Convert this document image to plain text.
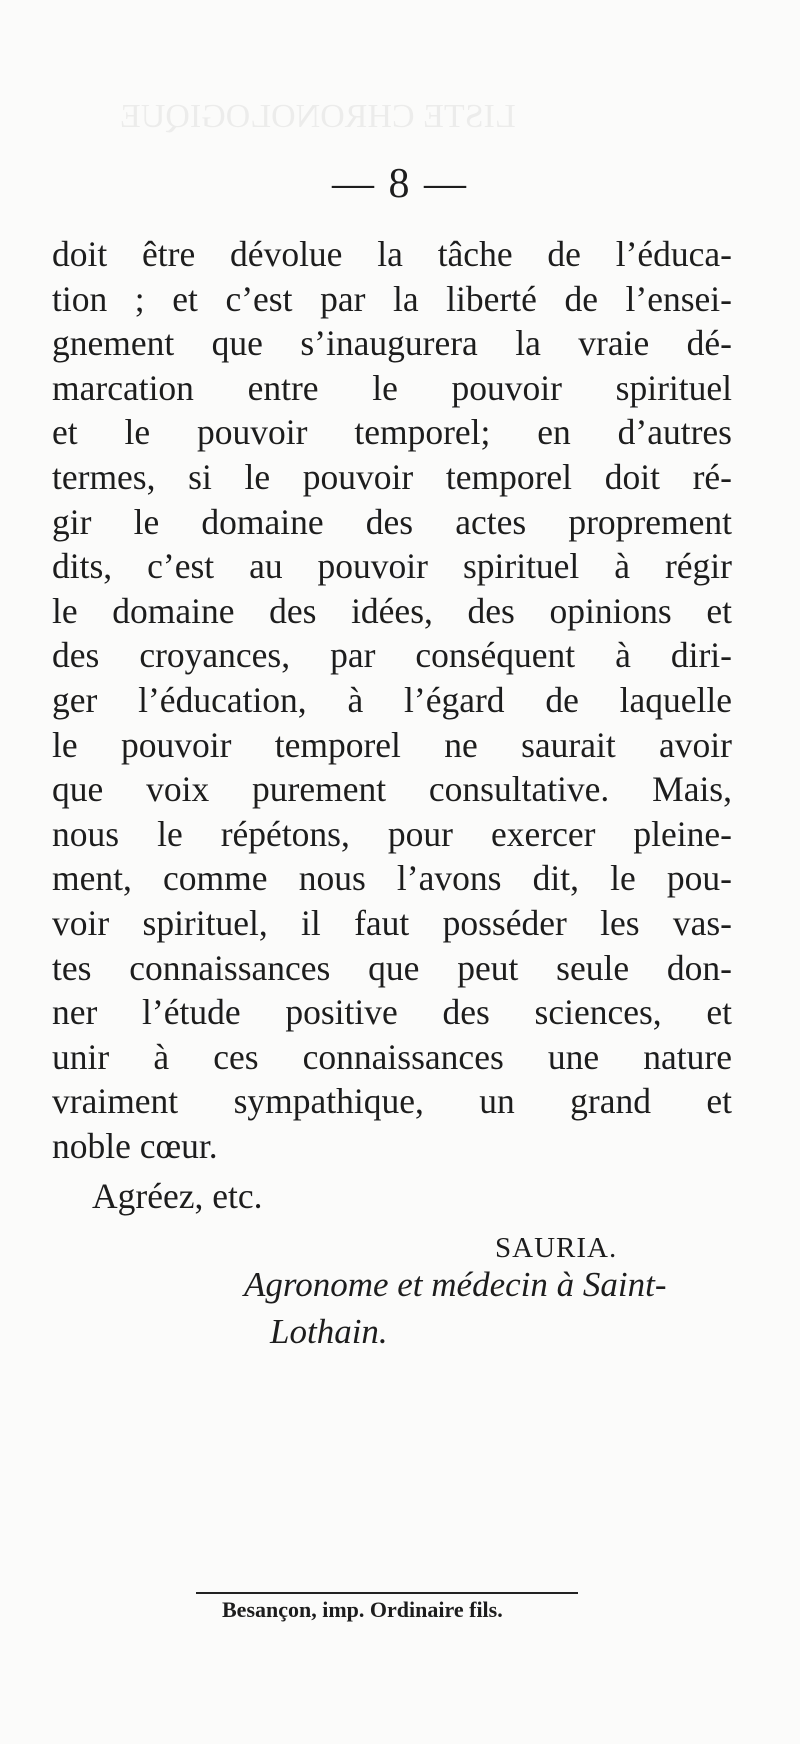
LISTE CHRONOLOGIQUE
— 8 —
doit être dévolue la tâche de l’éduca-
tion ; et c’est par la liberté de l’ensei-
gnement que s’inaugurera la vraie dé-
marcation entre le pouvoir spirituel
et le pouvoir temporel; en d’autres
termes, si le pouvoir temporel doit ré-
gir le domaine des actes proprement
dits, c’est au pouvoir spirituel à régir
le domaine des idées, des opinions et
des croyances, par conséquent à diri-
ger l’éducation, à l’égard de laquelle
le pouvoir temporel ne saurait avoir
que voix purement consultative. Mais,
nous le répétons, pour exercer pleine-
ment, comme nous l’avons dit, le pou-
voir spirituel, il faut posséder les vas-
tes connaissances que peut seule don-
ner l’étude positive des sciences, et
unir à ces connaissances une nature
vraiment sympathique, un grand et
noble cœur.
Agréez, etc.
SAURIA.
Agronome et médecin à Saint-
Lothain.
Besançon, imp. Ordinaire fils.
